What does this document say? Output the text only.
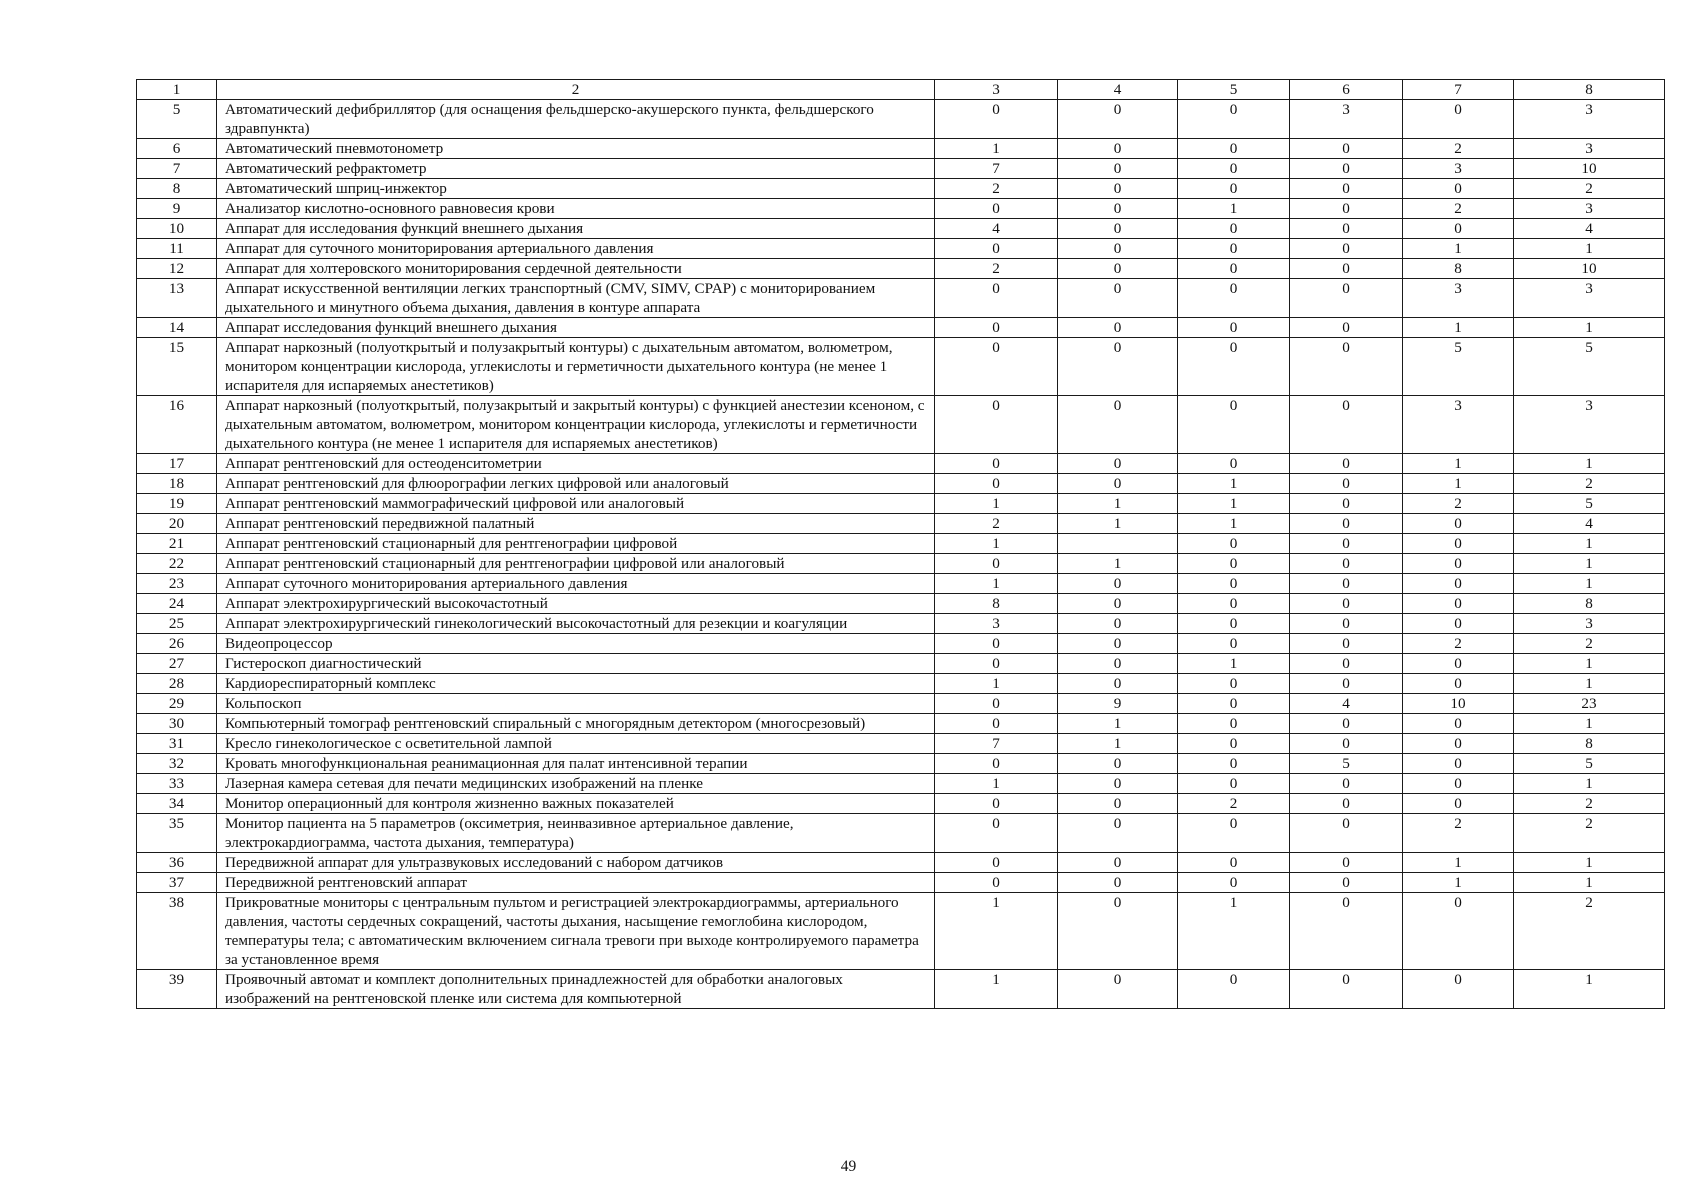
1	2	3	4	5	6	7	8
5	Автоматический дефибриллятор (для оснащения фельдшерско-акушерского пункта, фельдшерского здравпункта)	0	0	0	3	0	3
6	Автоматический пневмотонометр	1	0	0	0	2	3
7	Автоматический рефрактометр	7	0	0	0	3	10
8	Автоматический шприц-инжектор	2	0	0	0	0	2
9	Анализатор кислотно-основного равновесия крови	0	0	1	0	2	3
10	Аппарат для исследования функций внешнего дыхания	4	0	0	0	0	4
11	Аппарат для суточного мониторирования артериального давления	0	0	0	0	1	1
12	Аппарат для холтеровского мониторирования сердечной деятельности	2	0	0	0	8	10
13	Аппарат искусственной вентиляции легких транспортный (CMV, SIMV, CPAP) с мониторированием дыхательного и минутного объема дыхания, давления в контуре аппарата	0	0	0	0	3	3
14	Аппарат исследования функций внешнего дыхания	0	0	0	0	1	1
15	Аппарат наркозный (полуоткрытый и полузакрытый контуры) с дыхательным автоматом, волюметром, монитором концентрации кислорода, углекислоты и герметичности дыхательного контура (не менее 1 испарителя для испаряемых анестетиков)	0	0	0	0	5	5
16	Аппарат наркозный (полуоткрытый, полузакрытый и закрытый контуры) с функцией анестезии ксеноном, с дыхательным автоматом, волюметром, монитором концентрации кислорода, углекислоты и герметичности дыхательного контура (не менее 1 испарителя для испаряемых анестетиков)	0	0	0	0	3	3
17	Аппарат рентгеновский для остеоденситометрии	0	0	0	0	1	1
18	Аппарат рентгеновский для флюорографии легких цифровой или аналоговый	0	0	1	0	1	2
19	Аппарат рентгеновский маммографический цифровой или аналоговый	1	1	1	0	2	5
20	Аппарат рентгеновский передвижной палатный	2	1	1	0	0	4
21	Аппарат рентгеновский стационарный для рентгенографии цифровой	1		0	0	0	1
22	Аппарат рентгеновский стационарный для рентгенографии цифровой или аналоговый	0	1	0	0	0	1
23	Аппарат суточного мониторирования артериального давления	1	0	0	0	0	1
24	Аппарат электрохирургический высокочастотный	8	0	0	0	0	8
25	Аппарат электрохирургический гинекологический высокочастотный для резекции и коагуляции	3	0	0	0	0	3
26	Видеопроцессор	0	0	0	0	2	2
27	Гистероскоп диагностический	0	0	1	0	0	1
28	Кардиореспираторный комплекс	1	0	0	0	0	1
29	Кольпоскоп	0	9	0	4	10	23
30	Компьютерный томограф рентгеновский спиральный с многорядным детектором (многосрезовый)	0	1	0	0	0	1
31	Кресло гинекологическое с осветительной лампой	7	1	0	0	0	8
32	Кровать многофункциональная реанимационная для палат интенсивной терапии	0	0	0	5	0	5
33	Лазерная камера сетевая для печати медицинских изображений на пленке	1	0	0	0	0	1
34	Монитор операционный для контроля жизненно важных показателей	0	0	2	0	0	2
35	Монитор пациента на 5 параметров (оксиметрия, неинвазивное артериальное давление, электрокардиограмма, частота дыхания, температура)	0	0	0	0	2	2
36	Передвижной аппарат для ультразвуковых исследований с набором датчиков	0	0	0	0	1	1
37	Передвижной рентгеновский аппарат	0	0	0	0	1	1
38	Прикроватные мониторы с центральным пультом и регистрацией электрокардиограммы, артериального давления, частоты сердечных сокращений, частоты дыхания, насыщение гемоглобина кислородом, температуры тела; с автоматическим включением сигнала тревоги при выходе контролируемого параметра за установленное время	1	0	1	0	0	2
39	Проявочный автомат и комплект дополнительных принадлежностей для обработки аналоговых изображений на рентгеновской пленке или система для компьютерной	1	0	0	0	0	1
49
